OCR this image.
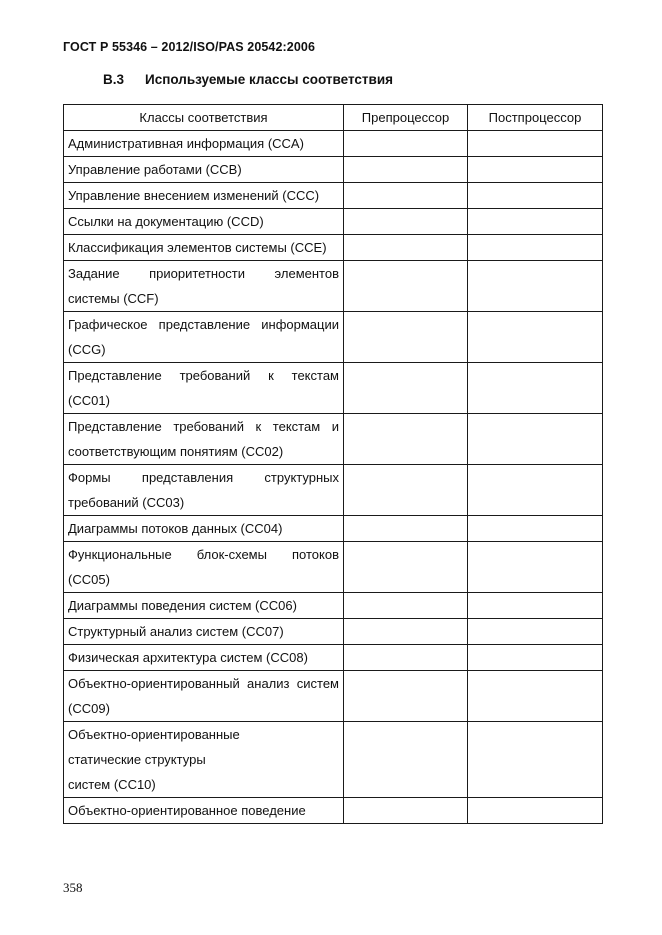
ГОСТ Р 55346 – 2012/ISO/PAS 20542:2006
В.3 Используемые классы соответствия
Классы соответствия	Препроцессор	Постпроцессор
Административная информация (CCA)		
Управление работами (CCB)		
Управление внесением изменений (CCC)		
Ссылки на документацию (CCD)		
Классификация элементов системы (CCE)		
Задание приоритетности элементов системы (CCF)		
Графическое представление информации (CCG)		
Представление требований к текстам (CC01)		
Представление требований к текстам и соответствующим понятиям (CC02)		
Формы представления структурных требований (CC03)		
Диаграммы потоков данных (CC04)		
Функциональные блок-схемы потоков (CC05)		
Диаграммы поведения систем (CC06)		
Структурный анализ систем (CC07)		
Физическая архитектура систем (CC08)		
Объектно-ориентированный анализ систем (CC09)		
Объектно-ориентированные
статические структуры
систем (CC10)		
Объектно-ориентированное поведение		
358
